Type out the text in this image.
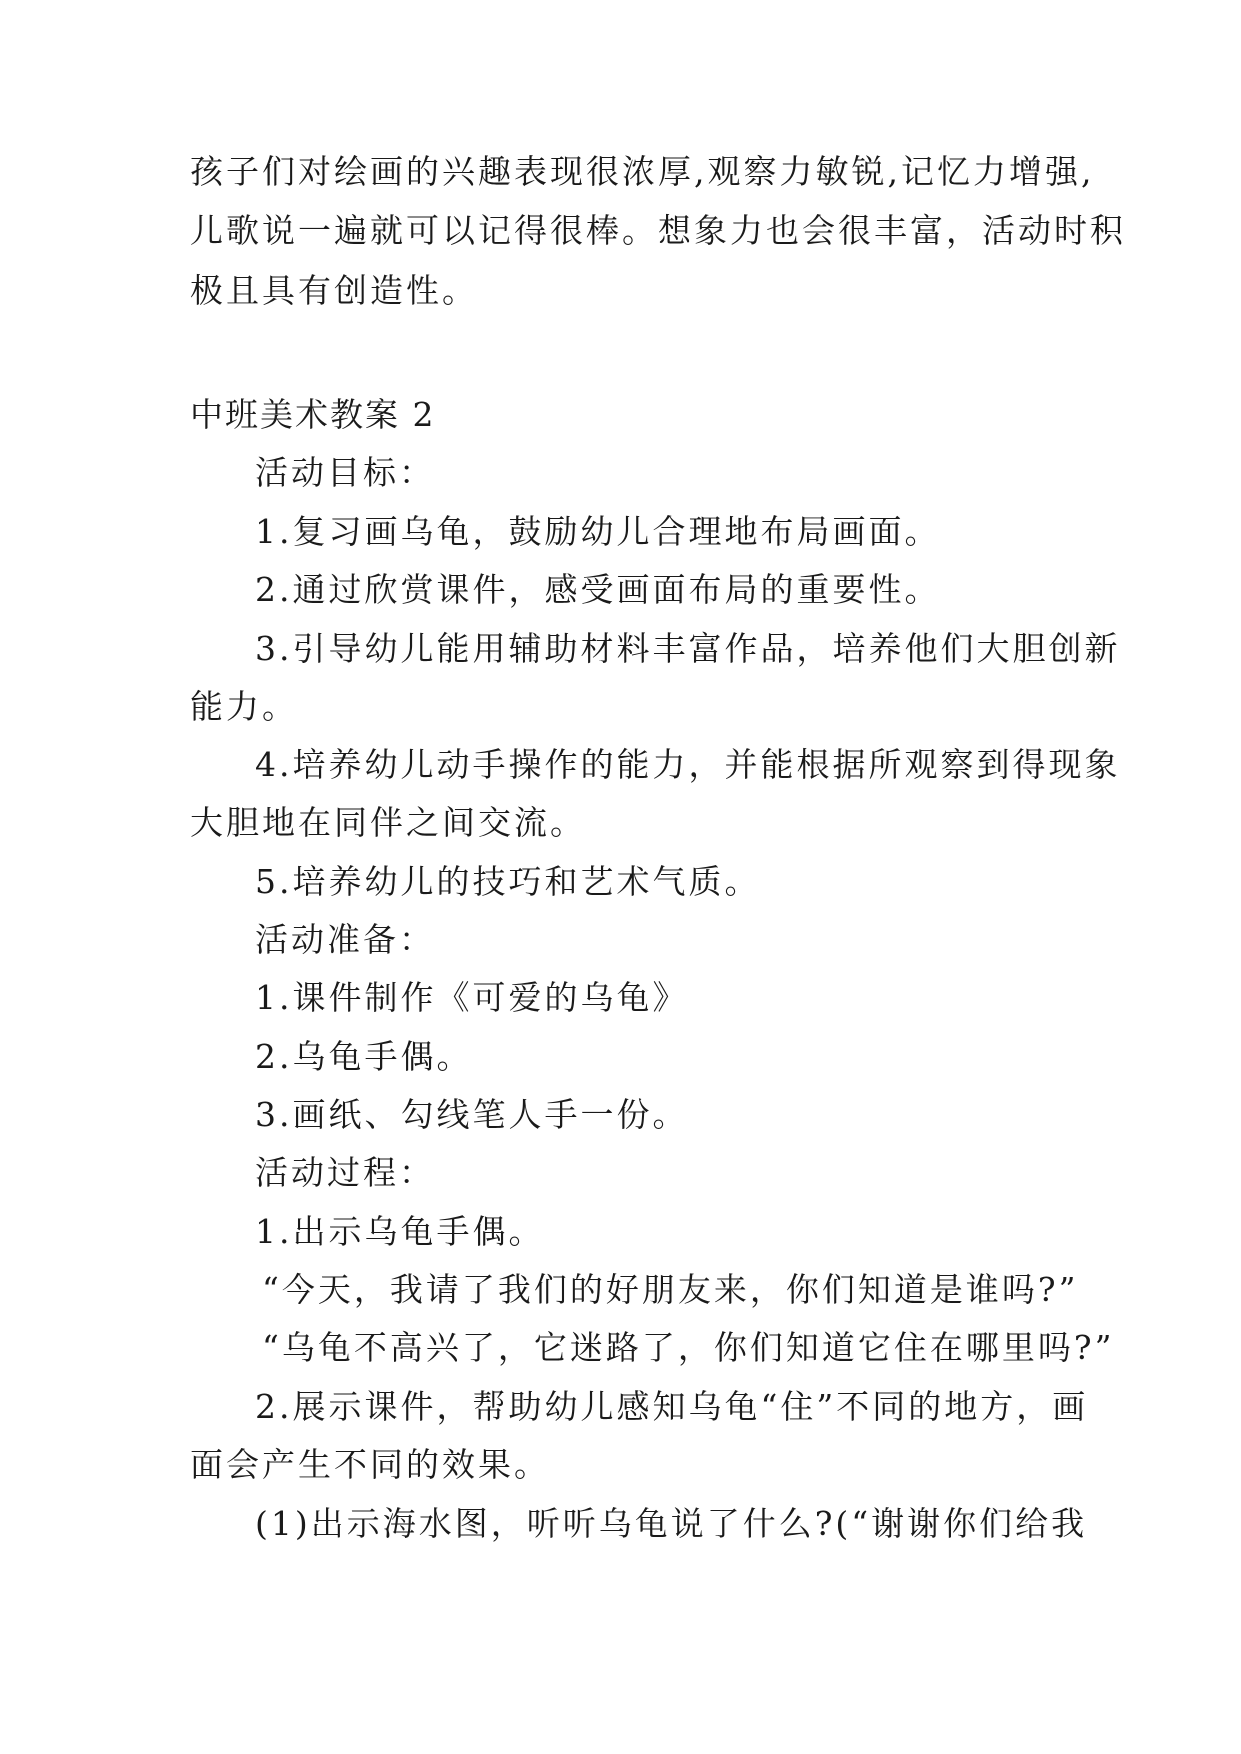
孩子们对绘画的兴趣表现很浓厚,观察力敏锐,记忆力增强,
儿歌说一遍就可以记得很棒。想象力也会很丰富，活动时积
极且具有创造性。
中班美术教案 2
活动目标：
1.复习画乌龟，鼓励幼儿合理地布局画面。
2.通过欣赏课件，感受画面布局的重要性。
3.引导幼儿能用辅助材料丰富作品，培养他们大胆创新
能力。
4.培养幼儿动手操作的能力，并能根据所观察到得现象
大胆地在同伴之间交流。
5.培养幼儿的技巧和艺术气质。
活动准备：
1.课件制作《可爱的乌龟》
2.乌龟手偶。
3.画纸、勾线笔人手一份。
活动过程：
1.出示乌龟手偶。
“今天，我请了我们的好朋友来，你们知道是谁吗?”
“乌龟不高兴了，它迷路了，你们知道它住在哪里吗?”
2.展示课件，帮助幼儿感知乌龟“住”不同的地方，画
面会产生不同的效果。
(1)出示海水图，听听乌龟说了什么?(“谢谢你们给我
